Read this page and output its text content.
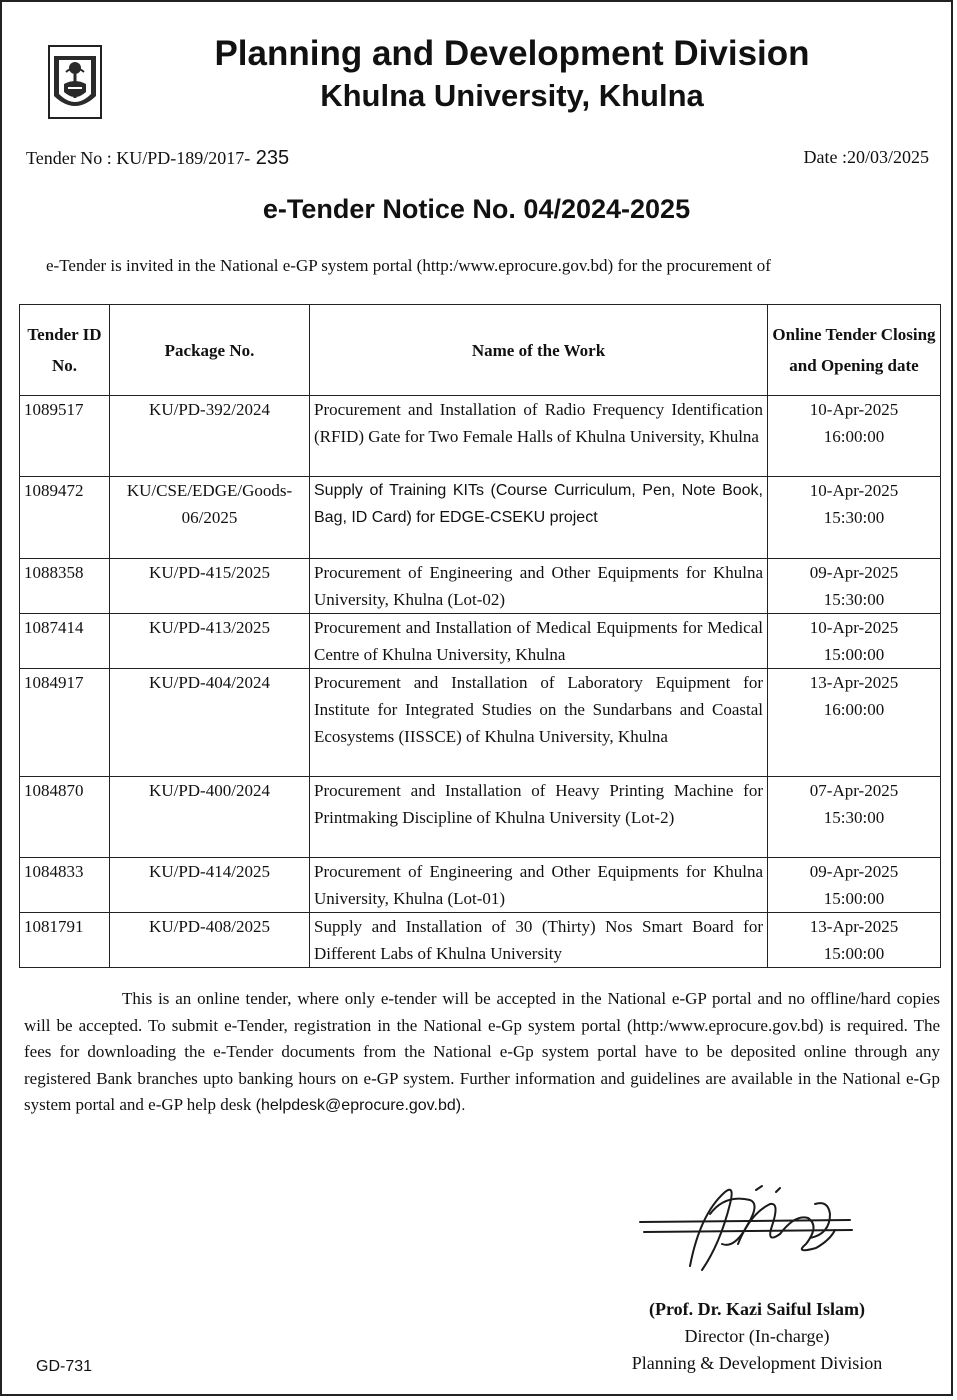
Planning and Development Division
Khulna University, Khulna
Tender No : KU/PD-189/2017- 235	Date :20/03/2025
e-Tender Notice No. 04/2024-2025
e-Tender is invited in the National e-GP system portal (http:/www.eprocure.gov.bd) for the procurement of
Tender ID No.	Package No.	Name of the Work	Online Tender Closing and Opening date
1089517	KU/PD-392/2024	Procurement and Installation of Radio Frequency Identification (RFID) Gate for Two Female Halls of Khulna University, Khulna	10-Apr-2025
16:00:00

1089472	KU/CSE/EDGE/Goods-06/2025	Supply of Training KITs (Course Curriculum, Pen, Note Book, Bag, ID Card) for EDGE-CSEKU project	10-Apr-2025
15:30:00

1088358	KU/PD-415/2025	Procurement of Engineering and Other Equipments for Khulna University, Khulna (Lot-02)	09-Apr-2025
15:30:00

1087414	KU/PD-413/2025	Procurement and Installation of Medical Equipments for Medical Centre of Khulna University, Khulna	10-Apr-2025
15:00:00

1084917	KU/PD-404/2024	Procurement and Installation of Laboratory Equipment for Institute for Integrated Studies on the Sundarbans and Coastal Ecosystems (IISSCE) of Khulna University, Khulna	13-Apr-2025
16:00:00

1084870	KU/PD-400/2024	Procurement and Installation of Heavy Printing Machine for Printmaking Discipline of Khulna University (Lot-2)	07-Apr-2025
15:30:00

1084833	KU/PD-414/2025	Procurement of Engineering and Other Equipments for Khulna University, Khulna (Lot-01)	09-Apr-2025
15:00:00

1081791	KU/PD-408/2025	Supply and Installation of 30 (Thirty) Nos Smart Board for Different Labs of Khulna University	13-Apr-2025
15:00:00
This is an online tender, where only e-tender will be accepted in the National e-GP portal and no offline/hard copies will be accepted. To submit e-Tender, registration in the National e-Gp system portal (http:/www.eprocure.gov.bd) is required. The fees for downloading the e-Tender documents from the National e-Gp system portal have to be deposited online through any registered Bank branches upto banking hours on e-GP system. Further information and guidelines are available in the National e-Gp system portal and e-GP help desk (helpdesk@eprocure.gov.bd).
(Prof. Dr. Kazi Saiful Islam)
Director (In-charge)
Planning & Development Division
GD-731
